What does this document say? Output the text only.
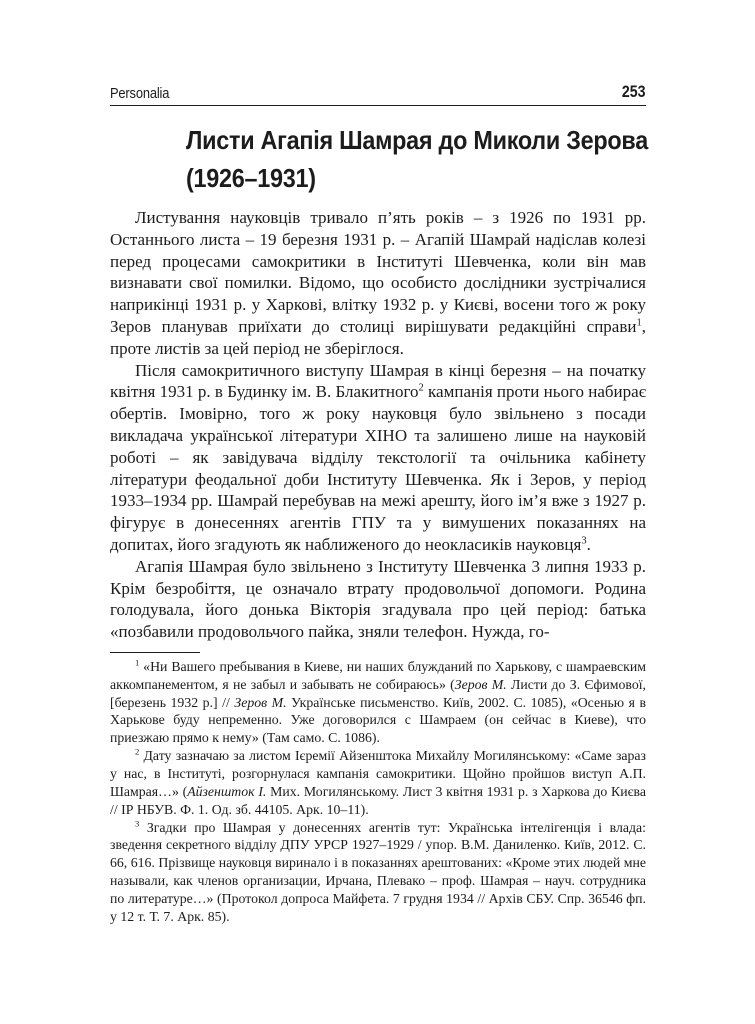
Personalia	253
Листи Агапія Шамрая до Миколи Зерова
(1926–1931)

Листування науковців тривало п’ять років – з 1926 по 1931 рр. Останнього листа – 19 березня 1931 р. – Агапій Шамрай надіслав колезі перед процесами самокритики в Інституті Шевченка, коли він мав визнавати свої помилки. Відомо, що особисто дослідники зустрічалися наприкінці 1931 р. у Харкові, влітку 1932 р. у Києві, восени того ж року Зеров планував приїхати до столиці вирішувати редакційні справи$^1$, проте листів за цей період не зберіглося.

Після самокритичного виступу Шамрая в кінці березня – на початку квітня 1931 р. в Будинку ім. В. Блакитного$^2$ кампанія проти нього набирає обертів. Імовірно, того ж року науковця було звільнено з посади викладача української літератури ХІНО та залишено лише на науковій роботі – як завідувача відділу текстології та очільника кабінету літератури феодальної доби Інституту Шевченка. Як і Зеров, у період 1933–1934 рр. Шамрай перебував на межі арешту, його ім’я вже з 1927 р. фігурує в донесеннях агентів ГПУ та у вимушених показаннях на допитах, його згадують як наближеного до неокласиків науковця$^3$.

Агапія Шамрая було звільнено з Інституту Шевченка 3 липня 1933 р. Крім безробіття, це означало втрату продовольчої допомоги. Родина голодувала, його донька Вікторія згадувала про цей період: батька «позбавили продовольчого пайка, зняли телефон. Нужда, го-

$^1$ «Ни Вашего пребывания в Киеве, ни наших блужданий по Харькову, с шамраевским аккомпанементом, я не забыл и забывать не собираюсь» (Зеров М. Листи до З. Єфимової, [березень 1932 р.] // Зеров М. Українське письменство. Київ, 2002. С. 1085), «Осенью я в Харькове буду непременно. Уже договорился с Шамраем (он сейчас в Киеве), что приезжаю прямо к нему» (Там само. С. 1086).

$^2$ Дату зазначаю за листом Ієремії Айзенштока Михайлу Могилянському: «Саме зараз у нас, в Інституті, розгорнулася кампанія самокритики. Щойно пройшов виступ А.П. Шамрая…» (Айзеншток І. Мих. Могилянському. Лист 3 квітня 1931 р. з Харкова до Києва // ІР НБУВ. Ф. 1. Од. зб. 44105. Арк. 10–11).

$^3$ Згадки про Шамрая у донесеннях агентів тут: Українська інтелігенція і влада: зведення секретного відділу ДПУ УРСР 1927–1929 / упор. В.М. Даниленко. Київ, 2012. С. 66, 616. Прізвище науковця виринало і в показаннях арештованих: «Кроме этих людей мне называли, как членов организации, Ирчана, Плевако – проф. Шамрая – науч. сотрудника по литературе…» (Протокол допроса Майфета. 7 грудня 1934 // Архів СБУ. Спр. 36546 фп. у 12 т. Т. 7. Арк. 85).
